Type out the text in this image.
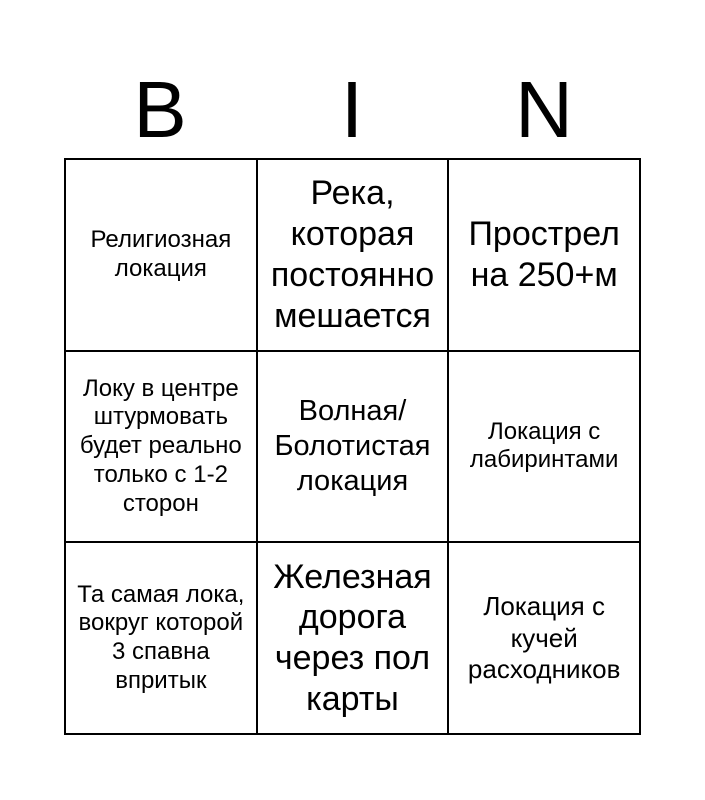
B	I	N
Религиозная локация
Река, которая постоянно мешается
Прострел на 250+м
Локу в центре штурмовать будет реально только с 1-2 сторон
Волная/ Болотистая локация
Локация с лабиринтами
Та самая лока, вокруг которой 3 спавна впритык
Железная дорога через пол карты
Локация с кучей расходников
